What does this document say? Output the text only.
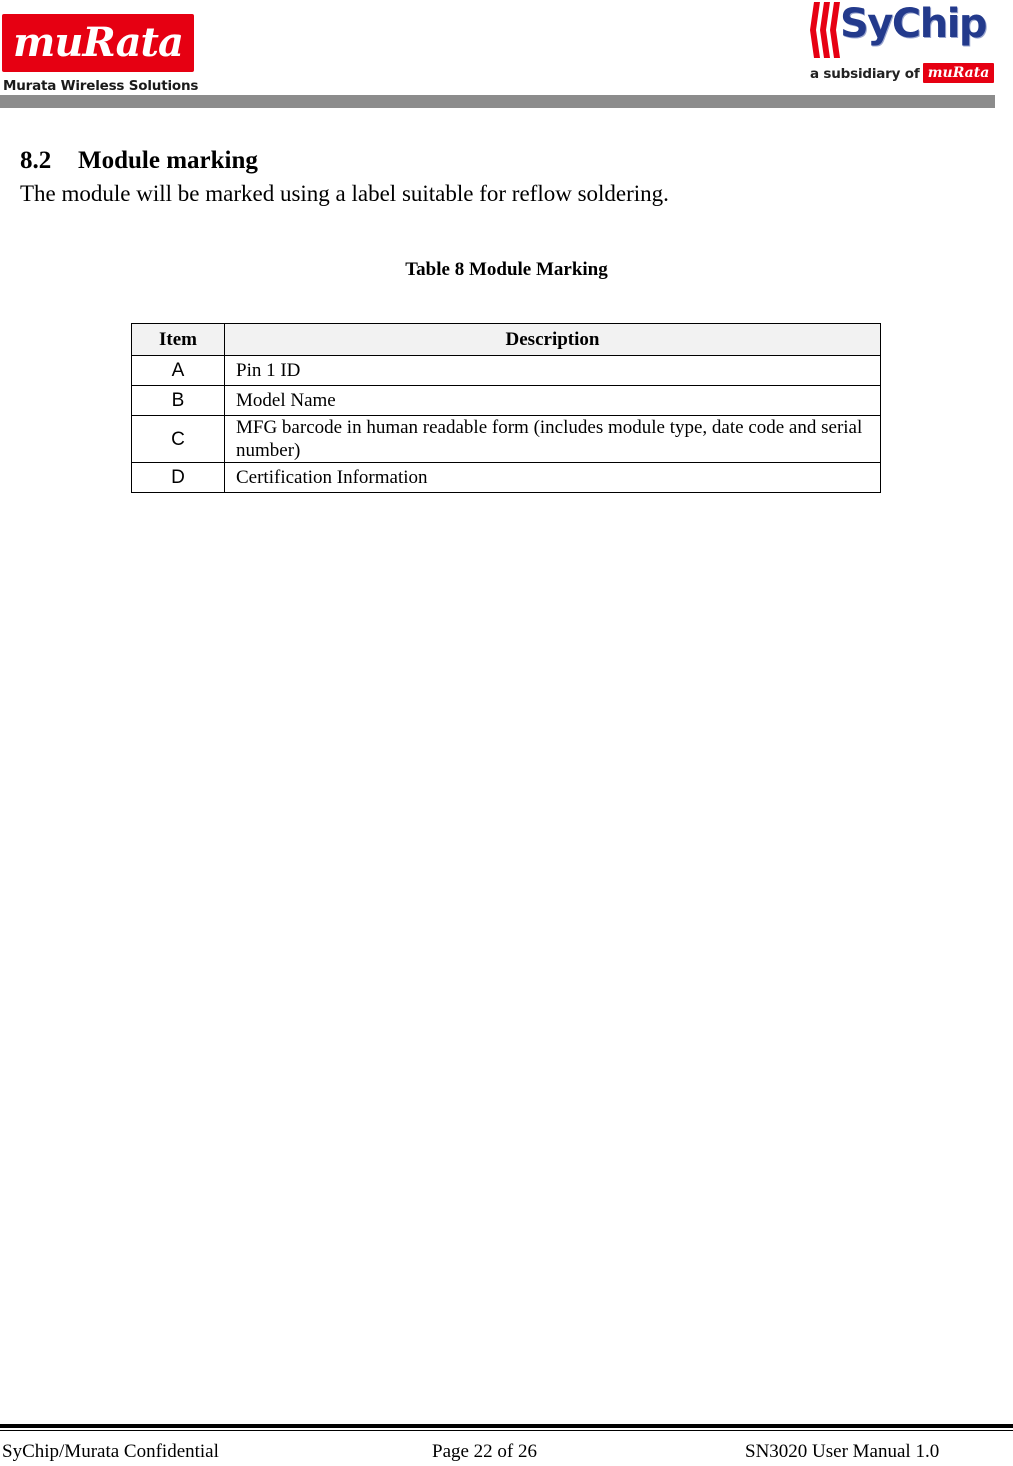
muRata
Murata Wireless Solutions
SyChip
a subsidiary of muRata
8.2 Module marking
The module will be marked using a label suitable for reflow soldering.
Table 8 Module Marking
Item	Description
A	Pin 1 ID
B	Model Name
C	MFG barcode in human readable form (includes module type, date code and serial number)
D	Certification Information
SyChip/Murata Confidential	Page 22 of 26	SN3020 User Manual 1.0
